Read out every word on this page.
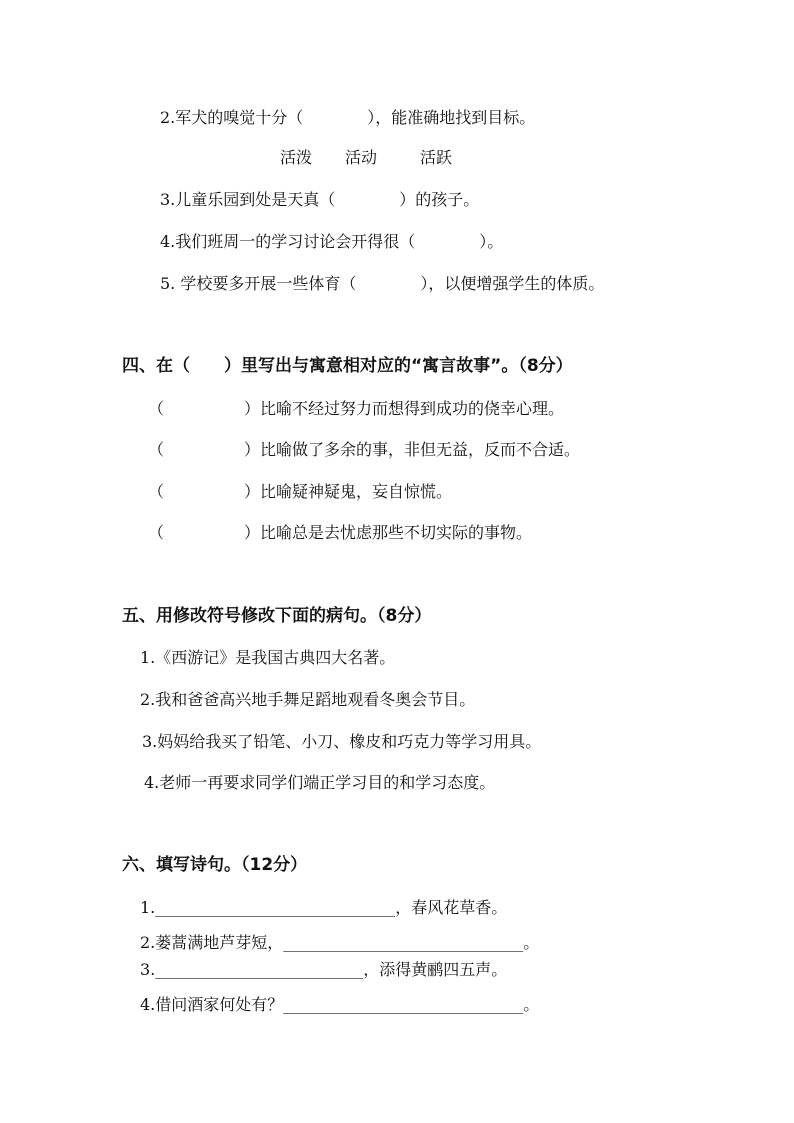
2.军犬的嗅觉十分（　　　　），能准确地找到目标。
活泼 活动	活跃
3.儿童乐园到处是天真（　　　　）的孩子。
4.我们班周一的学习讨论会开得很（　　　　）。
5. 学校要多开展一些体育（　　　　），以便增强学生的体质。
四、在（　　）里写出与寓意相对应的“寓言故事”。（8分）
（　　　　　）比喻不经过努力而想得到成功的侥幸心理。
（　　　　　）比喻做了多余的事，非但无益，反而不合适。
（　　　　　）比喻疑神疑鬼，妄自惊慌。
（　　　　　）比喻总是去忧虑那些不切实际的事物。
五、用修改符号修改下面的病句。（8分）
1.《西游记》是我国古典四大名著。
2.我和爸爸高兴地手舞足蹈地观看冬奥会节目。
3.妈妈给我买了铅笔、小刀、橡皮和巧克力等学习用具。
4.老师一再要求同学们端正学习目的和学习态度。
六、填写诗句。（12分）
1.______________________________，春风花草香。
2.蒌蒿满地芦芽短，______________________________。
3.__________________________，添得黄鹂四五声。
4.借问酒家何处有？______________________________。
